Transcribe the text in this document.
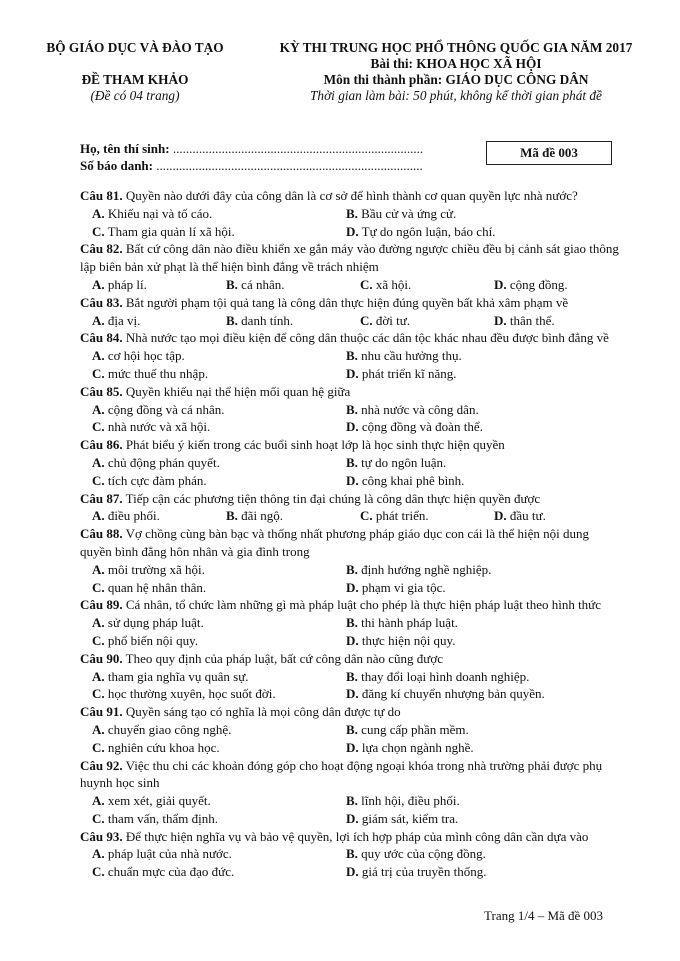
BỘ GIÁO DỤC VÀ ĐÀO TẠO
ĐỀ THAM KHẢO
(Đề có 04 trang)
KỲ THI TRUNG HỌC PHỔ THÔNG QUỐC GIA NĂM 2017
Bài thi: KHOA HỌC XÃ HỘI
Môn thi thành phần: GIÁO DỤC CÔNG DÂN
Thời gian làm bài: 50 phút, không kể thời gian phát đề
Họ, tên thí sinh: .............................................................................
Số báo danh: ..................................................................................
Mã đề 003
Câu 81. Quyền nào dưới đây của công dân là cơ sở để hình thành cơ quan quyền lực nhà nước?
A. Khiếu nại và tố cáo.	B. Bầu cử và ứng cử.
C. Tham gia quản lí xã hội.	D. Tự do ngôn luận, báo chí.
Câu 82. Bất cứ công dân nào điều khiển xe gắn máy vào đường ngược chiều đều bị cảnh sát giao thông lập biên bản xử phạt là thể hiện bình đẳng về trách nhiệm
A. pháp lí.	B. cá nhân.	C. xã hội.	D. cộng đồng.
Câu 83. Bắt người phạm tội quả tang là công dân thực hiện đúng quyền bất khả xâm phạm về
A. địa vị.	B. danh tính.	C. đời tư.	D. thân thể.
Câu 84. Nhà nước tạo mọi điều kiện để công dân thuộc các dân tộc khác nhau đều được bình đẳng về
A. cơ hội học tập.	B. nhu cầu hưởng thụ.
C. mức thuế thu nhập.	D. phát triển kĩ năng.
Câu 85. Quyền khiếu nại thể hiện mối quan hệ giữa
A. cộng đồng và cá nhân.	B. nhà nước và công dân.
C. nhà nước và xã hội.	D. cộng đồng và đoàn thể.
Câu 86. Phát biểu ý kiến trong các buổi sinh hoạt lớp là học sinh thực hiện quyền
A. chủ động phán quyết.	B. tự do ngôn luận.
C. tích cực đàm phán.	D. công khai phê bình.
Câu 87. Tiếp cận các phương tiện thông tin đại chúng là công dân thực hiện quyền được
A. điều phối.	B. đãi ngộ.	C. phát triển.	D. đầu tư.
Câu 88. Vợ chồng cùng bàn bạc và thống nhất phương pháp giáo dục con cái là thể hiện nội dung quyền bình đẳng hôn nhân và gia đình trong
A. môi trường xã hội.	B. định hướng nghề nghiệp.
C. quan hệ nhân thân.	D. phạm vi gia tộc.
Câu 89. Cá nhân, tổ chức làm những gì mà pháp luật cho phép là thực hiện pháp luật theo hình thức
A. sử dụng pháp luật.	B. thi hành pháp luật.
C. phổ biến nội quy.	D. thực hiện nội quy.
Câu 90. Theo quy định của pháp luật, bất cứ công dân nào cũng được
A. tham gia nghĩa vụ quân sự.	B. thay đổi loại hình doanh nghiệp.
C. học thường xuyên, học suốt đời.	D. đăng kí chuyển nhượng bản quyền.
Câu 91. Quyền sáng tạo có nghĩa là mọi công dân được tự do
A. chuyển giao công nghệ.	B. cung cấp phần mềm.
C. nghiên cứu khoa học.	D. lựa chọn ngành nghề.
Câu 92. Việc thu chi các khoản đóng góp cho hoạt động ngoại khóa trong nhà trường phải được phụ huynh học sinh
A. xem xét, giải quyết.	B. lĩnh hội, điều phối.
C. tham vấn, thẩm định.	D. giám sát, kiểm tra.
Câu 93. Để thực hiện nghĩa vụ và bảo vệ quyền, lợi ích hợp pháp của mình công dân cần dựa vào
A. pháp luật của nhà nước.	B. quy ước của cộng đồng.
C. chuẩn mực của đạo đức.	D. giá trị của truyền thống.
Trang 1/4 – Mã đề 003
